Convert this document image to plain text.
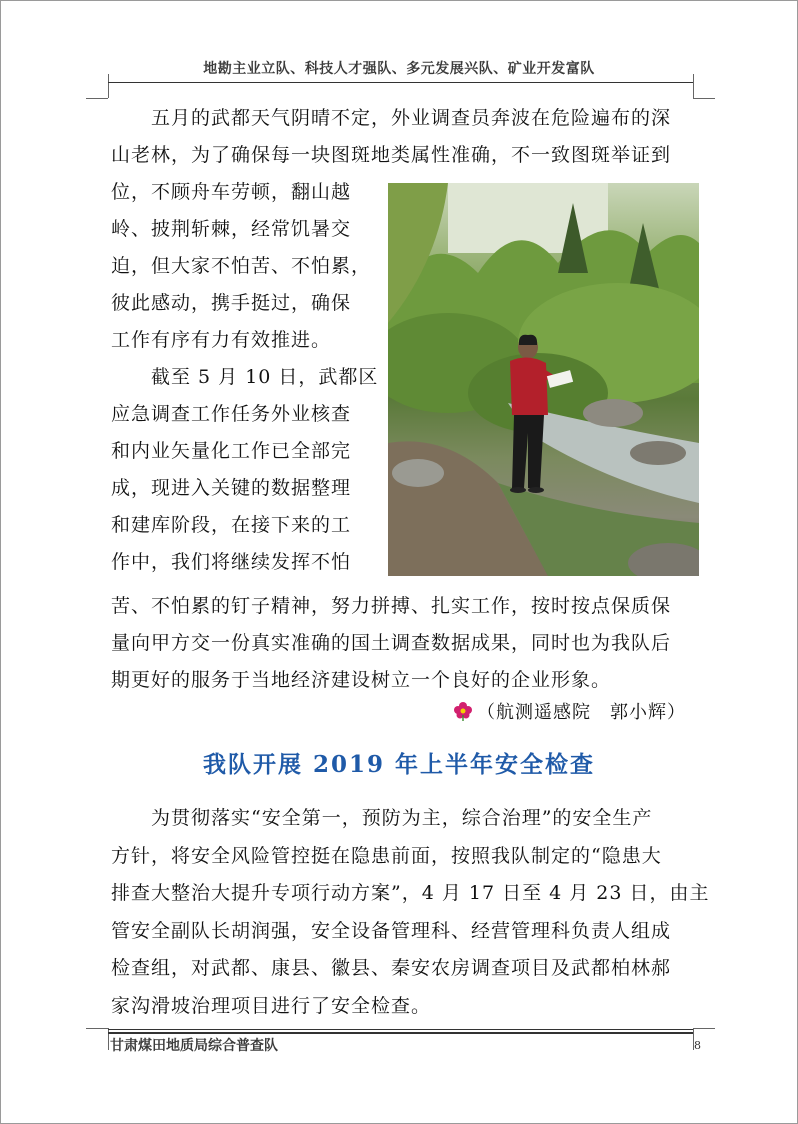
地勘主业立队、科技人才强队、多元发展兴队、矿业开发富队
五月的武都天气阴晴不定，外业调查员奔波在危险遍布的深
山老林，为了确保每一块图斑地类属性准确，不一致图斑举证到
位，不顾舟车劳顿，翻山越
岭、披荆斩棘，经常饥暑交
迫，但大家不怕苦、不怕累，
彼此感动，携手挺过，确保
工作有序有力有效推进。
截至 5 月 10 日，武都区
应急调查工作任务外业核查
和内业矢量化工作已全部完
成，现进入关键的数据整理
和建库阶段，在接下来的工
作中，我们将继续发挥不怕
苦、不怕累的钉子精神，努力拼搏、扎实工作，按时按点保质保
量向甲方交一份真实准确的国土调查数据成果，同时也为我队后
期更好的服务于当地经济建设树立一个良好的企业形象。
（航测遥感院　郭小辉）
我队开展 2019 年上半年安全检查
为贯彻落实“安全第一，预防为主，综合治理”的安全生产
方针，将安全风险管控挺在隐患前面，按照我队制定的“隐患大
排查大整治大提升专项行动方案”，4 月 17 日至 4 月 23 日，由主
管安全副队长胡润强，安全设备管理科、经营管理科负责人组成
检查组，对武都、康县、徽县、秦安农房调查项目及武都柏林郝
家沟滑坡治理项目进行了安全检查。
甘肃煤田地质局综合普查队	8
